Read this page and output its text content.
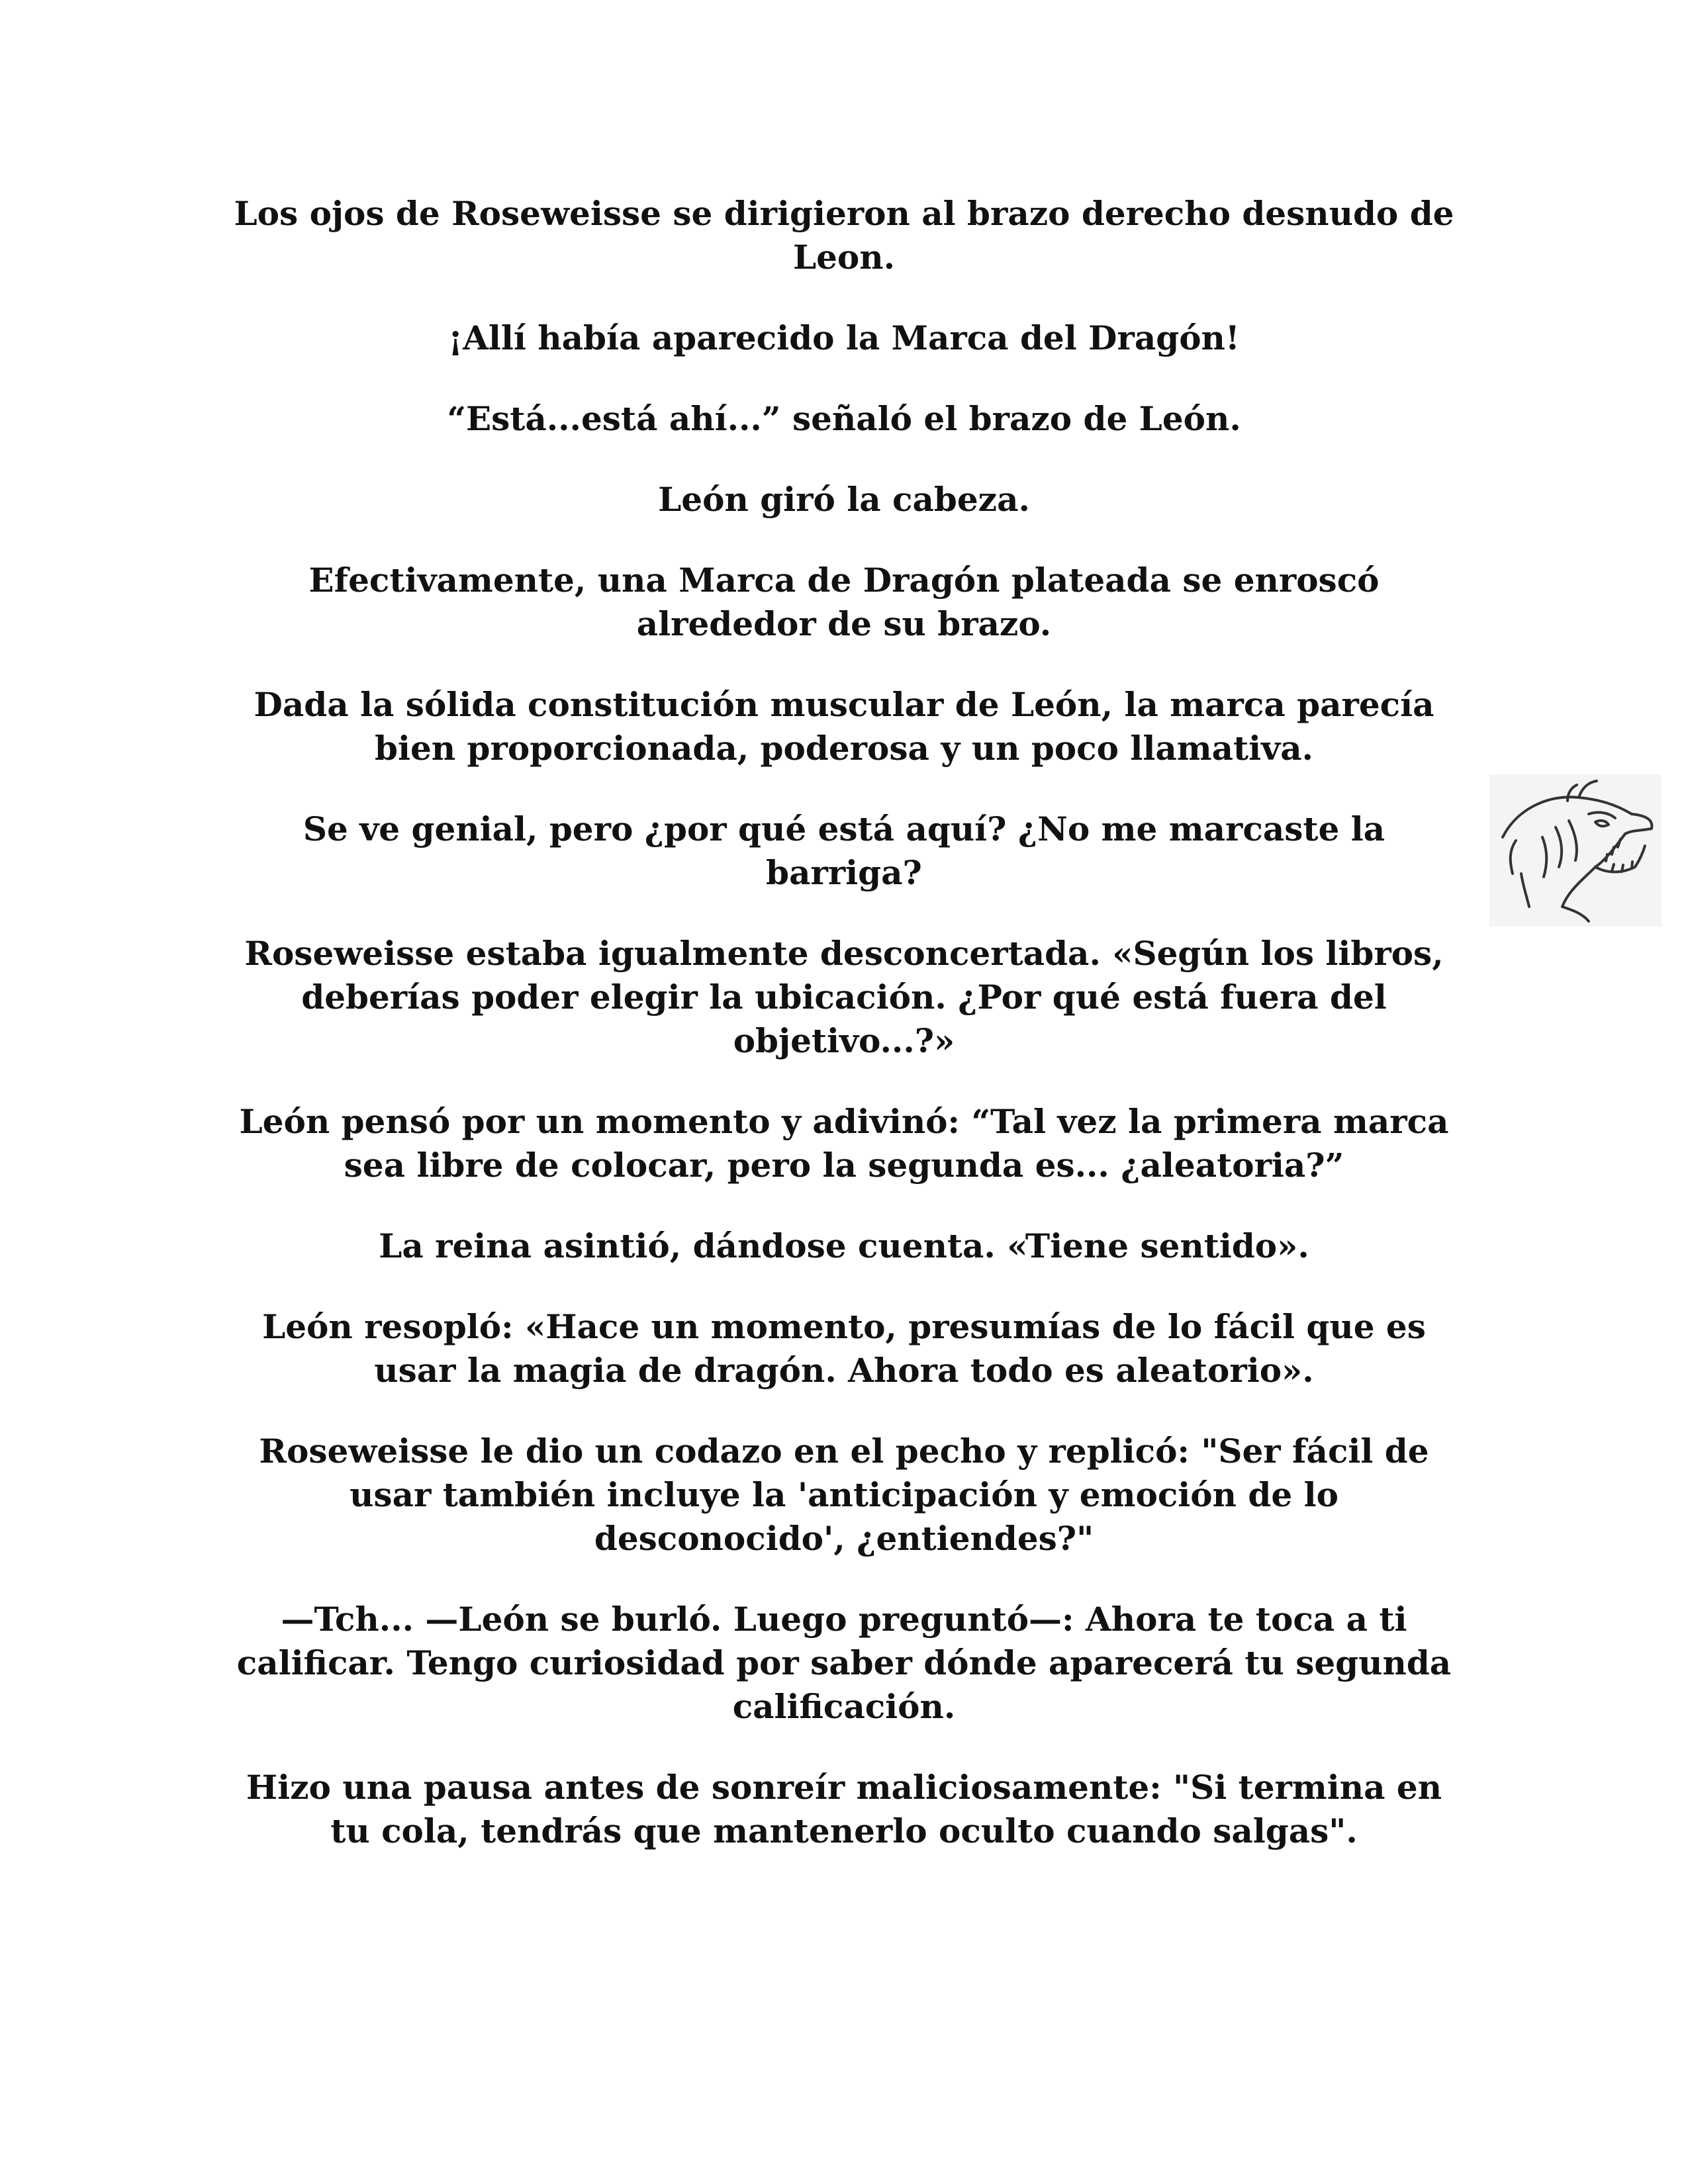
Los ojos de Roseweisse se dirigieron al brazo derecho desnudo de Leon.

¡Allí había aparecido la Marca del Dragón!

“Está...está ahí...” señaló el brazo de León.

León giró la cabeza.

Efectivamente, una Marca de Dragón plateada se enroscó alrededor de su brazo.

Dada la sólida constitución muscular de León, la marca parecía bien proporcionada, poderosa y un poco llamativa.

Se ve genial, pero ¿por qué está aquí? ¿No me marcaste la barriga?

Roseweisse estaba igualmente desconcertada. «Según los libros, deberías poder elegir la ubicación. ¿Por qué está fuera del objetivo...?»

León pensó por un momento y adivinó: “Tal vez la primera marca sea libre de colocar, pero la segunda es... ¿aleatoria?”

La reina asintió, dándose cuenta. «Tiene sentido».

León resopló: «Hace un momento, presumías de lo fácil que es usar la magia de dragón. Ahora todo es aleatorio».

Roseweisse le dio un codazo en el pecho y replicó: "Ser fácil de usar también incluye la 'anticipación y emoción de lo desconocido', ¿entiendes?"

—Tch... —León se burló. Luego preguntó—: Ahora te toca a ti calificar. Tengo curiosidad por saber dónde aparecerá tu segunda calificación.

Hizo una pausa antes de sonreír maliciosamente: "Si termina en tu cola, tendrás que mantenerlo oculto cuando salgas".
